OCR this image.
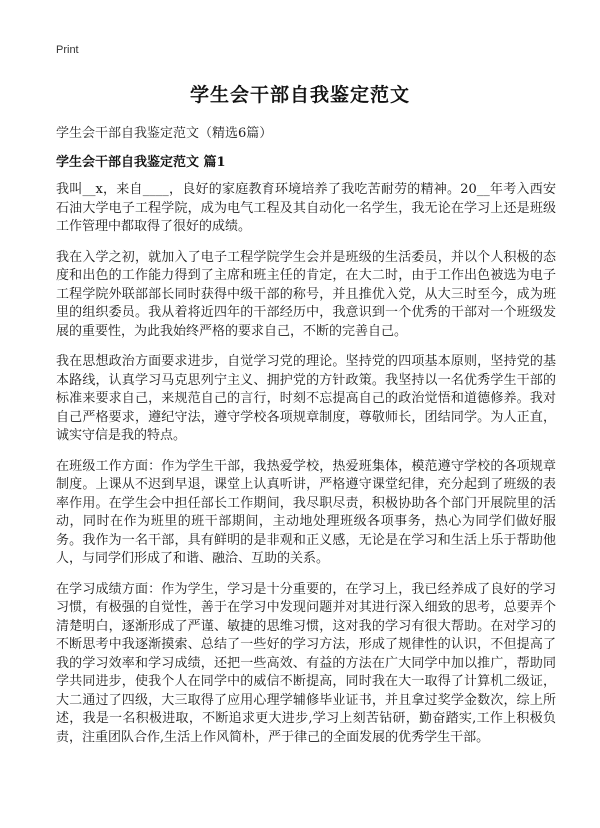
Print
学生会干部自我鉴定范文
学生会干部自我鉴定范文（精选6篇）
学生会干部自我鉴定范文 篇1

我叫__x，来自____，良好的家庭教育环境培养了我吃苦耐劳的精神。20__年考入西安石油大学电子工程学院，成为电气工程及其自动化一名学生，我无论在学习上还是班级工作管理中都取得了很好的成绩。

我在入学之初，就加入了电子工程学院学生会并是班级的生活委员，并以个人积极的态度和出色的工作能力得到了主席和班主任的肯定，在大二时，由于工作出色被选为电子工程学院外联部部长同时获得中级干部的称号，并且推优入党，从大三时至今，成为班里的组织委员。我从着将近四年的干部经历中，我意识到一个优秀的干部对一个班级发展的重要性，为此我始终严格的要求自己，不断的完善自己。

我在思想政治方面要求进步，自觉学习党的理论。坚持党的四项基本原则，坚持党的基本路线，认真学习马克思列宁主义、拥护党的方针政策。我坚持以一名优秀学生干部的标准来要求自己，来规范自己的言行，时刻不忘提高自己的政治觉悟和道德修养。我对自己严格要求，遵纪守法，遵守学校各项规章制度，尊敬师长，团结同学。为人正直，诚实守信是我的特点。

在班级工作方面：作为学生干部，我热爱学校，热爱班集体，模范遵守学校的各项规章制度。上课从不迟到早退，课堂上认真听讲，严格遵守课堂纪律，充分起到了班级的表率作用。在学生会中担任部长工作期间，我尽职尽责，积极协助各个部门开展院里的活动，同时在作为班里的班干部期间，主动地处理班级各项事务，热心为同学们做好服务。我作为一名干部，具有鲜明的是非观和正义感，无论是在学习和生活上乐于帮助他人，与同学们形成了和谐、融洽、互助的关系。

在学习成绩方面：作为学生，学习是十分重要的，在学习上，我已经养成了良好的学习习惯，有极强的自觉性，善于在学习中发现问题并对其进行深入细致的思考，总要弄个清楚明白，逐渐形成了严谨、敏捷的思维习惯，这对我的学习有很大帮助。在对学习的不断思考中我逐渐摸索、总结了一些好的学习方法，形成了规律性的认识，不但提高了我的学习效率和学习成绩，还把一些高效、有益的方法在广大同学中加以推广，帮助同学共同进步，使我个人在同学中的威信不断提高，同时我在大一取得了计算机二级证，大二通过了四级，大三取得了应用心理学辅修毕业证书，并且拿过奖学金数次，综上所述，我是一名积极进取，不断追求更大进步,学习上刻苦钻研，勤奋踏实,工作上积极负责，注重团队合作,生活上作风简朴，严于律己的全面发展的优秀学生干部。
